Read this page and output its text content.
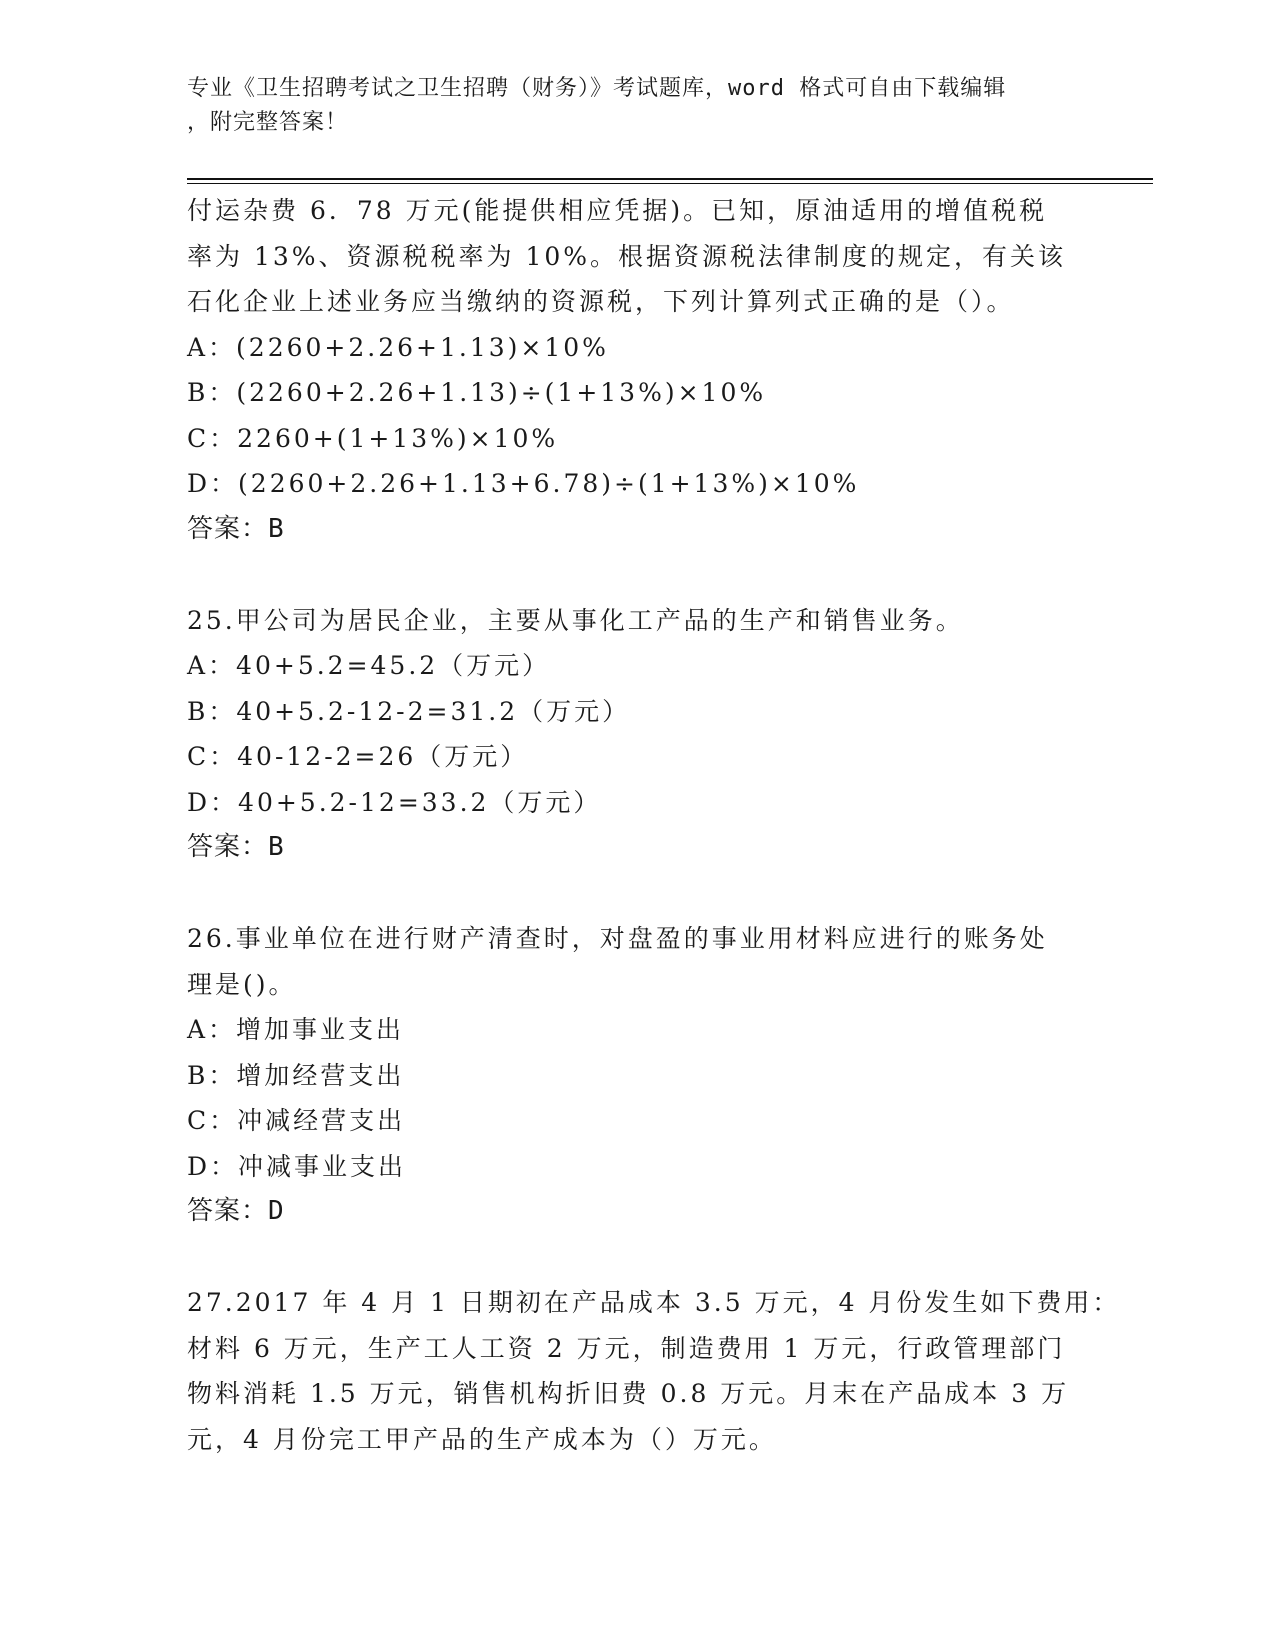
专业《卫生招聘考试之卫生招聘（财务）》考试题库，word 格式可自由下载编辑
，附完整答案！
付运杂费 6．78 万元(能提供相应凭据)。已知，原油适用的增值税税
率为 13%、资源税税率为 10%。根据资源税法律制度的规定，有关该
石化企业上述业务应当缴纳的资源税，下列计算列式正确的是（）。
A：(2260+2.26+1.13)×10%
B：(2260+2.26+1.13)÷(1+13%)×10%
C：2260+(1+13%)×10%
D：(2260+2.26+1.13+6.78)÷(1+13%)×10%
答案：B
25.甲公司为居民企业，主要从事化工产品的生产和销售业务。
A：40+5.2=45.2（万元）
B：40+5.2-12-2=31.2（万元）
C：40-12-2=26（万元）
D：40+5.2-12=33.2（万元）
答案：B
26.事业单位在进行财产清查时，对盘盈的事业用材料应进行的账务处
理是()。
A：增加事业支出
B：增加经营支出
C：冲减经营支出
D：冲减事业支出
答案：D
27.2017 年 4 月 1 日期初在产品成本 3.5 万元，4 月份发生如下费用：
材料 6 万元，生产工人工资 2 万元，制造费用 1 万元，行政管理部门
物料消耗 1.5 万元，销售机构折旧费 0.8 万元。月末在产品成本 3 万
元，4 月份完工甲产品的生产成本为（）万元。
